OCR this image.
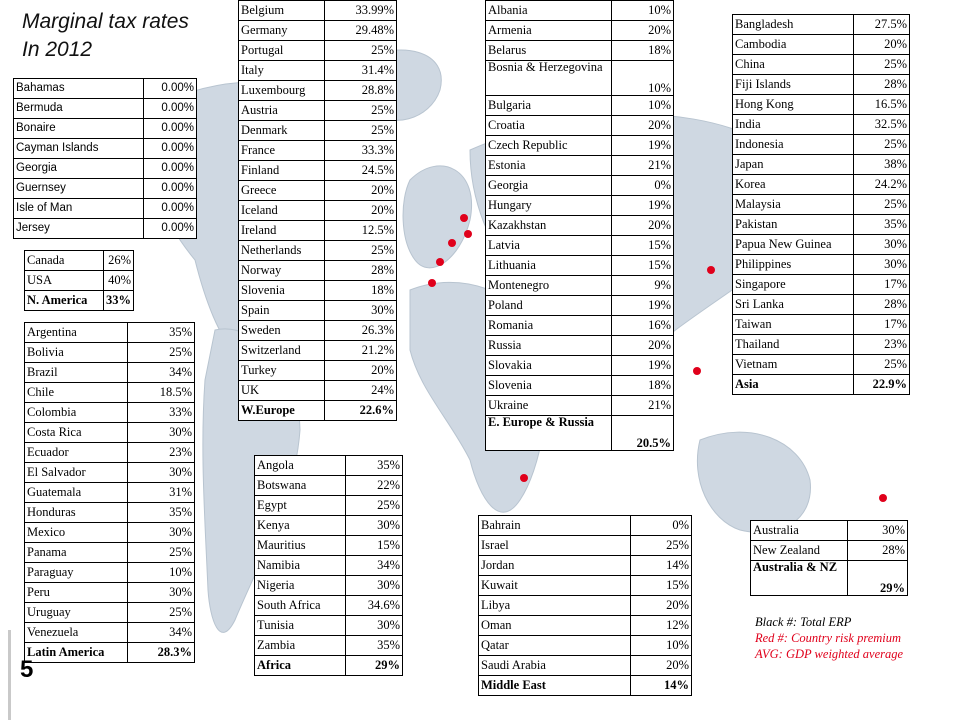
Marginal tax rates
In 2012
Bahamas	0.00%
Bermuda	0.00%
Bonaire	0.00%
Cayman Islands	0.00%
Georgia	0.00%
Guernsey	0.00%
Isle of Man	0.00%
Jersey	0.00%
Canada	26%
USA	40%
N. America	33%
Argentina	35%
Bolivia	25%
Brazil	34%
Chile	18.5%
Colombia	33%
Costa Rica	30%
Ecuador	23%
El Salvador	30%
Guatemala	31%
Honduras	35%
Mexico	30%
Panama	25%
Paraguay	10%
Peru	30%
Uruguay	25%
Venezuela	34%
Latin America	28.3%
Belgium	33.99%
Germany	29.48%
Portugal	25%
Italy	31.4%
Luxembourg	28.8%
Austria	25%
Denmark	25%
France	33.3%
Finland	24.5%
Greece	20%
Iceland	20%
Ireland	12.5%
Netherlands	25%
Norway	28%
Slovenia	18%
Spain	30%
Sweden	26.3%
Switzerland	21.2%
Turkey	20%
UK	24%
W.Europe	22.6%
Angola	35%
Botswana	22%
Egypt	25%
Kenya	30%
Mauritius	15%
Namibia	34%
Nigeria	30%
South Africa	34.6%
Tunisia	30%
Zambia	35%
Africa	29%
Albania	10%
Armenia	20%
Belarus	18%
Bosnia & Herzegovina	10%
Bulgaria	10%
Croatia	20%
Czech Republic	19%
Estonia	21%
Georgia	0%
Hungary	19%
Kazakhstan	20%
Latvia	15%
Lithuania	15%
Montenegro	9%
Poland	19%
Romania	16%
Russia	20%
Slovakia	19%
Slovenia	18%
Ukraine	21%
E. Europe & Russia	20.5%
Bahrain	0%
Israel	25%
Jordan	14%
Kuwait	15%
Libya	20%
Oman	12%
Qatar	10%
Saudi Arabia	20%
Middle East	14%
Bangladesh	27.5%
Cambodia	20%
China	25%
Fiji Islands	28%
Hong Kong	16.5%
India	32.5%
Indonesia	25%
Japan	38%
Korea	24.2%
Malaysia	25%
Pakistan	35%
Papua New Guinea	30%
Philippines	30%
Singapore	17%
Sri Lanka	28%
Taiwan	17%
Thailand	23%
Vietnam	25%
Asia	22.9%
Australia	30%
New Zealand	28%
Australia & NZ	29%
Black #: Total ERP
Red #: Country risk premium
AVG: GDP weighted average
5
